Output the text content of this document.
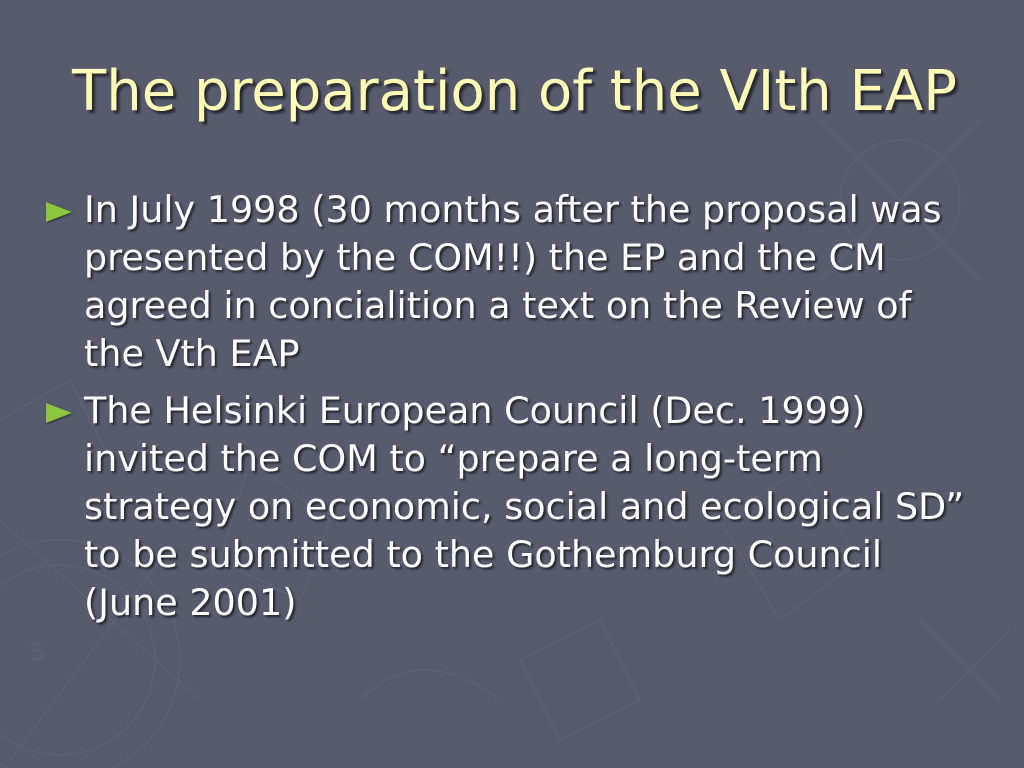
$
The preparation of the VIth EAP
In July 1998 (30 months after the proposal was presented by the COM!!) the EP and the CM agreed in concialition a text on the Review of the Vth EAP
The Helsinki European Council (Dec. 1999) invited the COM to “prepare a long-term strategy on economic, social and ecological SD” to be submitted to the Gothemburg Council (June 2001)
